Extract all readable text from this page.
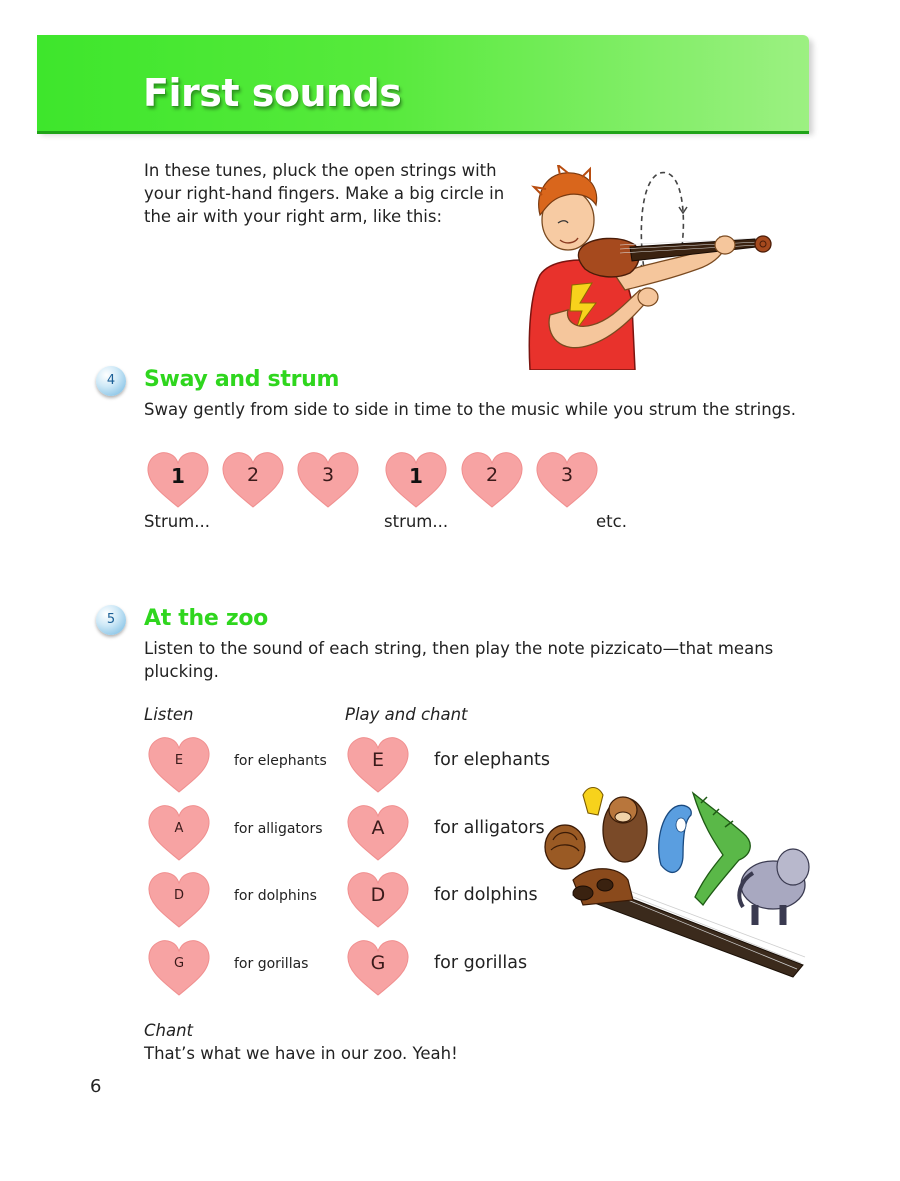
First sounds
In these tunes, pluck the open strings with your right-hand fingers. Make a big circle in the air with your right arm, like this:
4	Sway and strum
Sway gently from side to side in time to the music while you strum the strings.
1	2	3	1	2	3
Strum...	strum...	etc.
5	At the zoo
Listen to the sound of each string, then play the note pizzicato—that means plucking.
Listen	Play and chant
E	for elephants	E	for elephants
A	for alligators	A	for alligators
D	for dolphins	D	for dolphins
G	for gorillas	G	for gorillas
Chant
That’s what we have in our zoo. Yeah!
6
